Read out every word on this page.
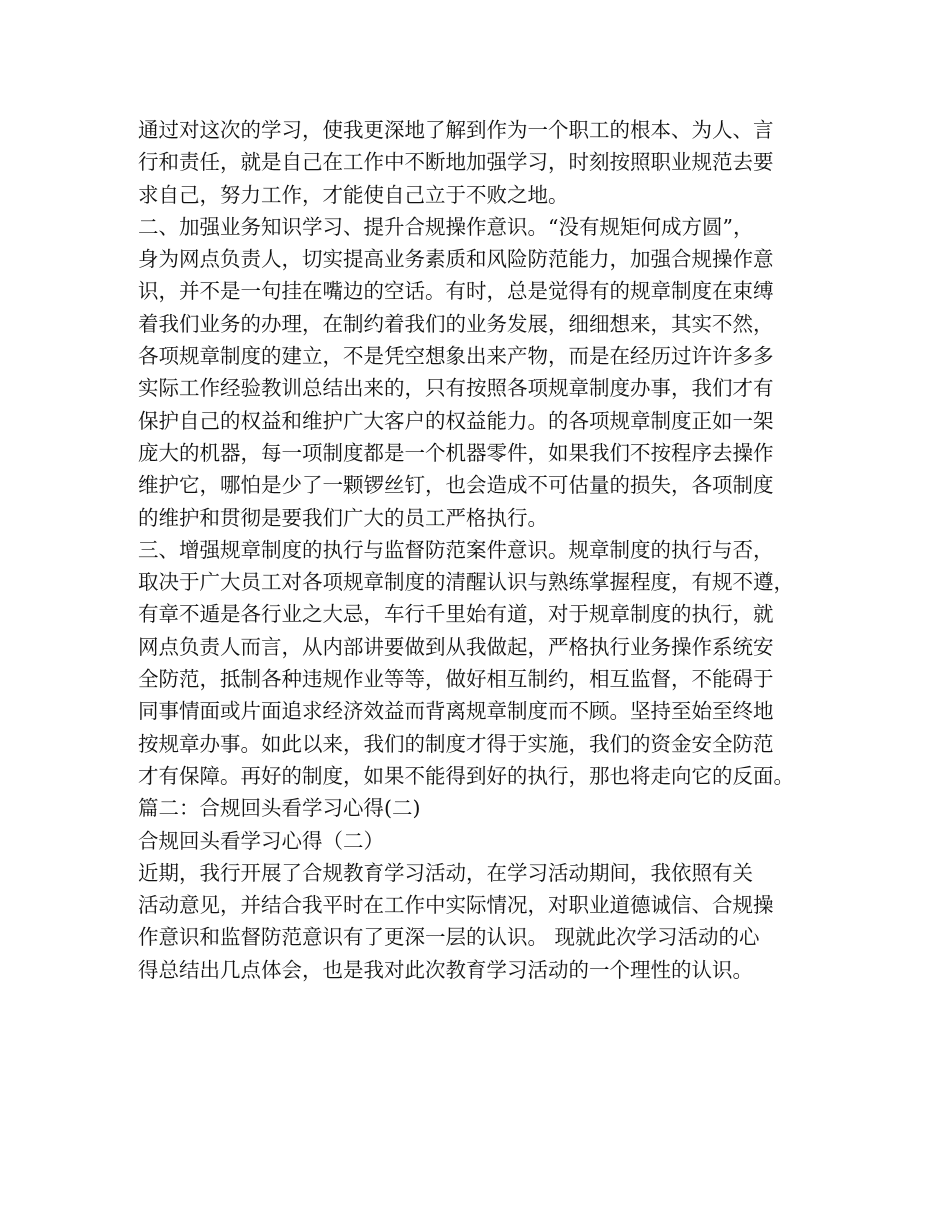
通过对这次的学习，使我更深地了解到作为一个职工的根本、为人、言
行和责任，就是自己在工作中不断地加强学习，时刻按照职业规范去要
求自己，努力工作，才能使自己立于不败之地。
二、加强业务知识学习、提升合规操作意识。“没有规矩何成方圆”，
身为网点负责人，切实提高业务素质和风险防范能力，加强合规操作意
识，并不是一句挂在嘴边的空话。有时，总是觉得有的规章制度在束缚
着我们业务的办理，在制约着我们的业务发展，细细想来，其实不然，
各项规章制度的建立，不是凭空想象出来产物，而是在经历过许许多多
实际工作经验教训总结出来的，只有按照各项规章制度办事，我们才有
保护自己的权益和维护广大客户的权益能力。的各项规章制度正如一架
庞大的机器，每一项制度都是一个机器零件，如果我们不按程序去操作
维护它，哪怕是少了一颗锣丝钉，也会造成不可估量的损失，各项制度
的维护和贯彻是要我们广大的员工严格执行。
三、增强规章制度的执行与监督防范案件意识。规章制度的执行与否，
取决于广大员工对各项规章制度的清醒认识与熟练掌握程度，有规不遵，
有章不遁是各行业之大忌，车行千里始有道，对于规章制度的执行，就
网点负责人而言，从内部讲要做到从我做起，严格执行业务操作系统安
全防范，抵制各种违规作业等等，做好相互制约，相互监督，不能碍于
同事情面或片面追求经济效益而背离规章制度而不顾。坚持至始至终地
按规章办事。如此以来，我们的制度才得于实施，我们的资金安全防范
才有保障。再好的制度，如果不能得到好的执行，那也将走向它的反面。
篇二：合规回头看学习心得(二)
合规回头看学习心得（二）
近期，我行开展了合规教育学习活动，在学习活动期间，我依照有关
活动意见，并结合我平时在工作中实际情况，对职业道德诚信、合规操
作意识和监督防范意识有了更深一层的认识。 现就此次学习活动的心
得总结出几点体会，也是我对此次教育学习活动的一个理性的认识。
